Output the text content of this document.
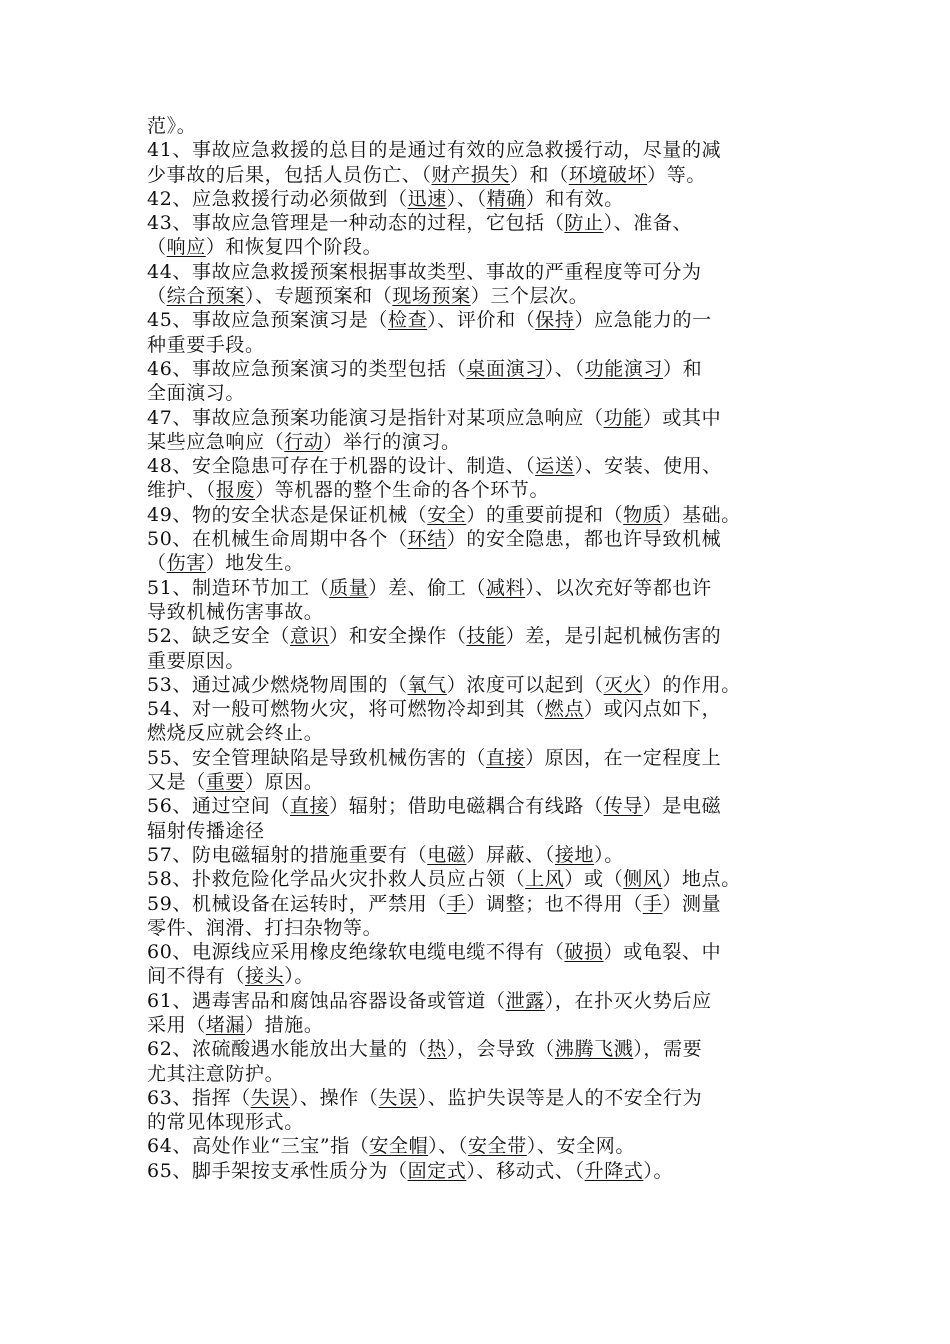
范》。
41、事故应急救援的总目的是通过有效的应急救援行动，尽量的减
少事故的后果，包括人员伤亡、（财产损失）和（环境破坏）等。
42、应急救援行动必须做到（迅速）、（精确）和有效。
43、事故应急管理是一种动态的过程，它包括（防止）、准备、
（响应）和恢复四个阶段。
44、事故应急救援预案根据事故类型、事故的严重程度等可分为
（综合预案）、专题预案和（现场预案）三个层次。
45、事故应急预案演习是（检查）、评价和（保持）应急能力的一
种重要手段。
46、事故应急预案演习的类型包括（桌面演习）、（功能演习）和
全面演习。
47、事故应急预案功能演习是指针对某项应急响应（功能）或其中
某些应急响应（行动）举行的演习。
48、安全隐患可存在于机器的设计、制造、（运送）、安装、使用、
维护、（报废）等机器的整个生命的各个环节。
49、物的安全状态是保证机械（安全）的重要前提和（物质）基础。
50、在机械生命周期中各个（环结）的安全隐患，都也许导致机械
（伤害）地发生。
51、制造环节加工（质量）差、偷工（减料）、以次充好等都也许
导致机械伤害事故。
52、缺乏安全（意识）和安全操作（技能）差，是引起机械伤害的
重要原因。
53、通过减少燃烧物周围的（氧气）浓度可以起到（灭火）的作用。
54、对一般可燃物火灾，将可燃物冷却到其（燃点）或闪点如下，
燃烧反应就会终止。
55、安全管理缺陷是导致机械伤害的（直接）原因，在一定程度上
又是（重要）原因。
56、通过空间（直接）辐射；借助电磁耦合有线路（传导）是电磁
辐射传播途径
57、防电磁辐射的措施重要有（电磁）屏蔽、（接地）。
58、扑救危险化学品火灾扑救人员应占领（上风）或（侧风）地点。
59、机械设备在运转时，严禁用（手）调整；也不得用（手）测量
零件、润滑、打扫杂物等。
60、电源线应采用橡皮绝缘软电缆电缆不得有（破损）或龟裂、中
间不得有（接头）。
61、遇毒害品和腐蚀品容器设备或管道（泄露），在扑灭火势后应
采用（堵漏）措施。
62、浓硫酸遇水能放出大量的（热），会导致（沸腾飞溅），需要
尤其注意防护。
63、指挥（失误）、操作（失误）、监护失误等是人的不安全行为
的常见体现形式。
64、高处作业“三宝”指（安全帽）、（安全带）、安全网。
65、脚手架按支承性质分为（固定式）、移动式、（升降式）。
